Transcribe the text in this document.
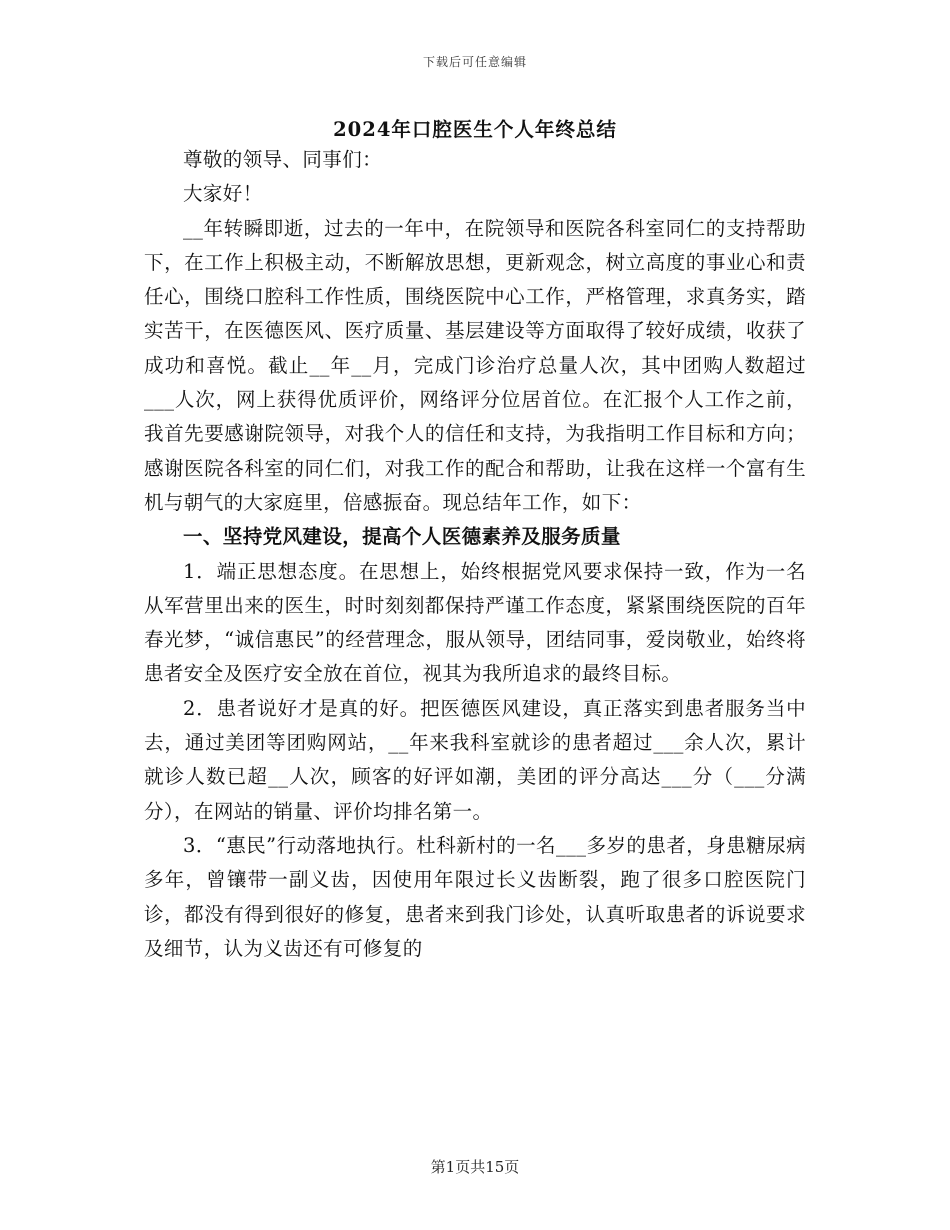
下载后可任意编辑
2024年口腔医生个人年终总结

尊敬的领导、同事们：

大家好！

__年转瞬即逝，过去的一年中，在院领导和医院各科室同仁的支持帮助下，在工作上积极主动，不断解放思想，更新观念，树立高度的事业心和责任心，围绕口腔科工作性质，围绕医院中心工作，严格管理，求真务实，踏实苦干，在医德医风、医疗质量、基层建设等方面取得了较好成绩，收获了成功和喜悦。截止__年__月，完成门诊治疗总量人次，其中团购人数超过___人次，网上获得优质评价，网络评分位居首位。在汇报个人工作之前，我首先要感谢院领导，对我个人的信任和支持，为我指明工作目标和方向；感谢医院各科室的同仁们，对我工作的配合和帮助，让我在这样一个富有生机与朝气的大家庭里，倍感振奋。现总结年工作，如下：

一、坚持党风建设，提高个人医德素养及服务质量

1．端正思想态度。在思想上，始终根据党风要求保持一致，作为一名从军营里出来的医生，时时刻刻都保持严谨工作态度，紧紧围绕医院的百年春光梦，“诚信惠民”的经营理念，服从领导，团结同事，爱岗敬业，始终将患者安全及医疗安全放在首位，视其为我所追求的最终目标。

2．患者说好才是真的好。把医德医风建设，真正落实到患者服务当中去，通过美团等团购网站，__年来我科室就诊的患者超过___余人次，累计就诊人数已超__人次，顾客的好评如潮，美团的评分高达___分（___分满分），在网站的销量、评价均排名第一。

3．“惠民”行动落地执行。杜科新村的一名___多岁的患者，身患糖尿病多年，曾镶带一副义齿，因使用年限过长义齿断裂，跑了很多口腔医院门诊，都没有得到很好的修复，患者来到我门诊处，认真听取患者的诉说要求及细节，认为义齿还有可修复的

第1页共15页
